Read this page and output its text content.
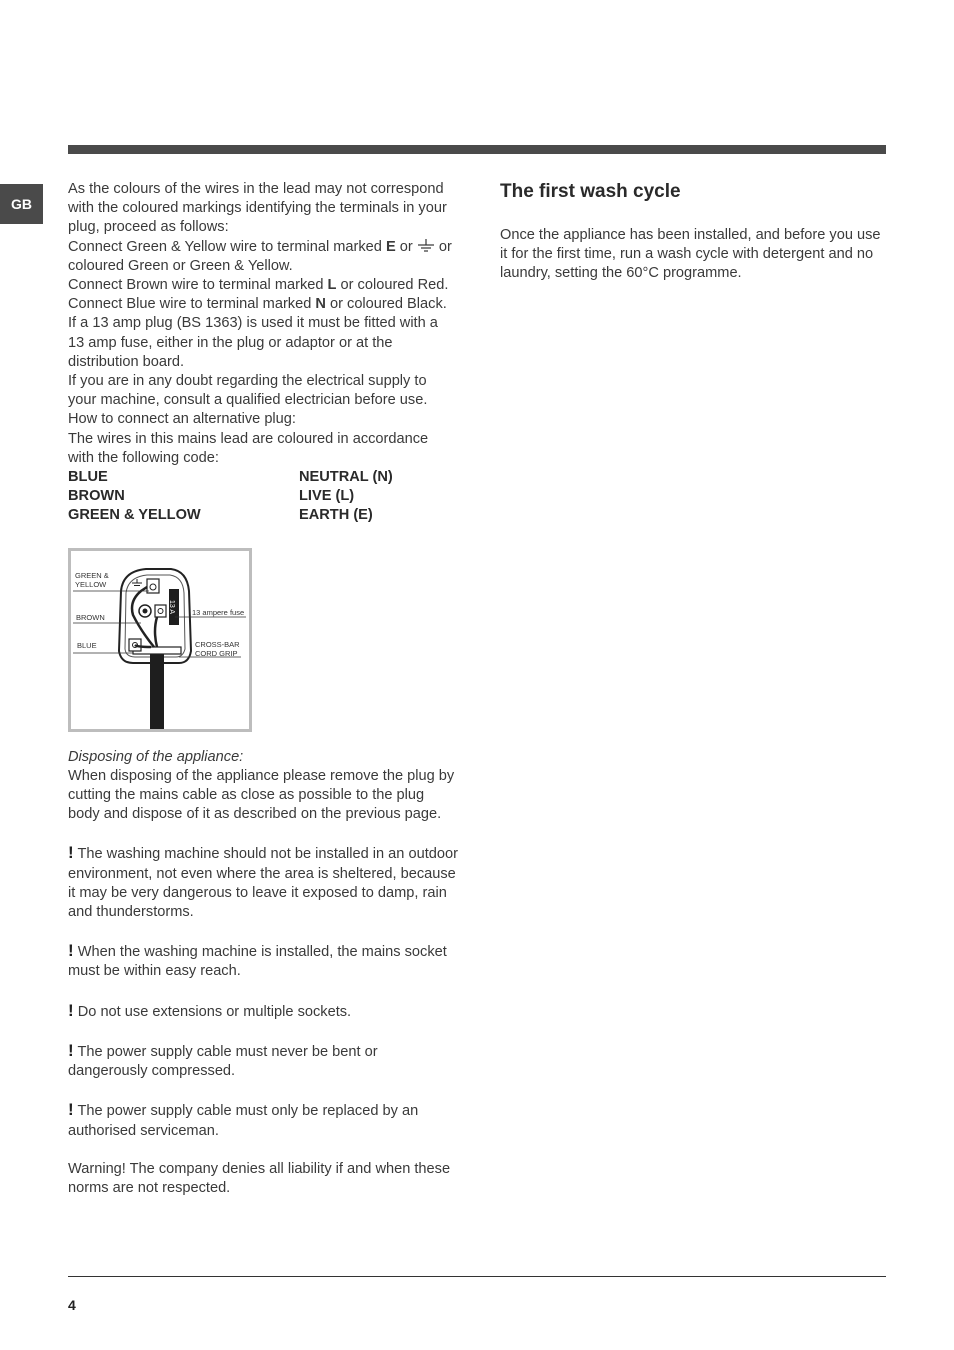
GB

As the colours of the wires in the lead may not correspond with the coloured markings identifying the terminals in your plug, proceed as follows:

Connect Green & Yellow wire to terminal marked E or  or coloured Green or Green & Yellow.

Connect Brown wire to terminal marked L or coloured Red.

Connect Blue wire to terminal marked N or coloured Black.

If a 13 amp plug (BS 1363) is used it must be fitted with a 13 amp fuse, either in the plug or adaptor or at the distribution board.

If you are in any doubt regarding the electrical supply to your machine, consult a qualified electrician before use.

How to connect an alternative plug:

The wires in this mains lead are coloured in accordance with the following code:

BLUE	NEUTRAL (N)
BROWN	LIVE (L)
GREEN & YELLOW	EARTH (E)
13 A
GREEN &
YELLOW
BROWN
BLUE
13 ampere fuse
CROSS-BAR
CORD GRIP

Disposing of the appliance:

When disposing of the appliance please remove the plug by cutting the mains cable as close as possible to the plug body and dispose of it as described on the previous page.

! The washing machine should not be installed in an outdoor environment, not even where the area is sheltered, because it may be very dangerous to leave it exposed to damp, rain and thunderstorms.

! When the washing machine is installed, the mains socket must be within easy reach.

! Do not use extensions or multiple sockets.

! The power supply cable must never be bent or dangerously compressed.

! The power supply cable must only be replaced by an authorised serviceman.

Warning! The company denies all liability if and when these norms are not respected.

The first wash cycle

Once the appliance has been installed, and before you use it for the first time, run a wash cycle with detergent and no laundry, setting the 60°C programme.

4
